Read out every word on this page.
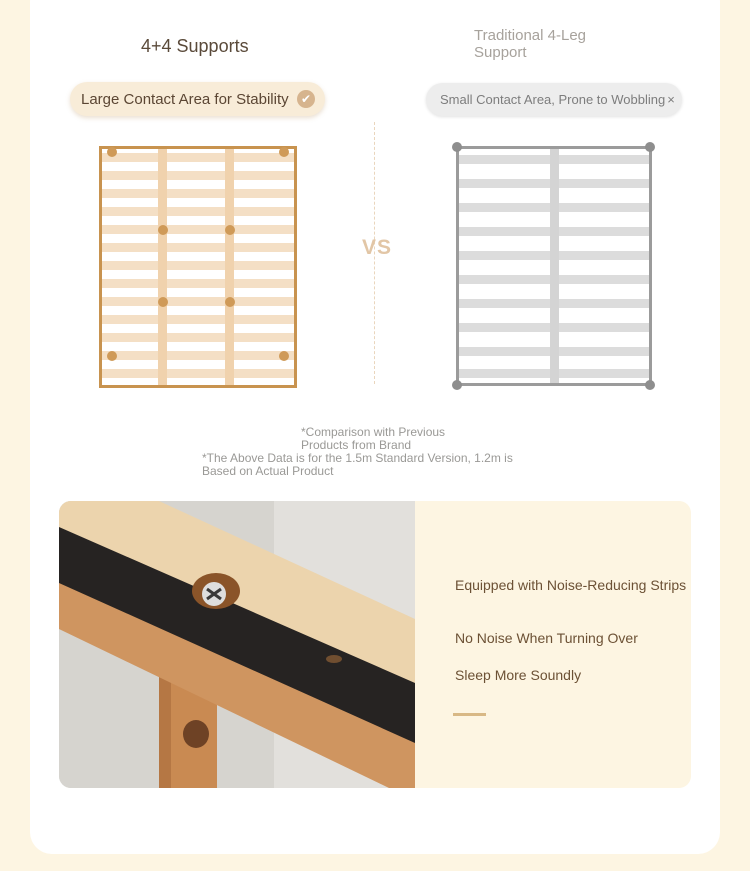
4+4 Supports
Traditional 4-Leg Support
Large Contact Area for Stability	✔	Small Contact Area, Prone to Wobbling ×
VS
*Comparison with Previous Products from Brand
*The Above Data is for the 1.5m Standard Version, 1.2m is Based on Actual Product
Equipped with Noise-Reducing Strips
No Noise When Turning Over
Sleep More Soundly
